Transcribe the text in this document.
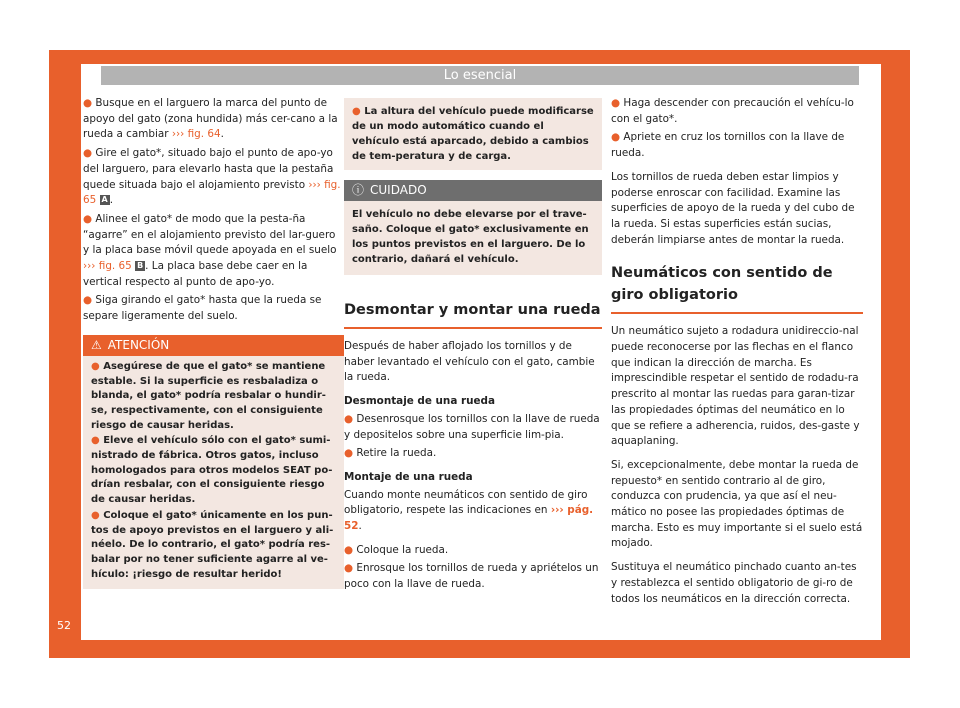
Lo esencial
52

● Busque en el larguero la marca del punto de apoyo del gato (zona hundida) más cer-cano a la rueda a cambiar ››› fig. 64.

● Gire el gato*, situado bajo el punto de apo-yo del larguero, para elevarlo hasta que la pestaña quede situada bajo el alojamiento previsto ››› fig. 65 A .

● Alinee el gato* de modo que la pesta-ña “agarre” en el alojamiento previsto del lar-guero y la placa base móvil quede apoyada en el suelo ››› fig. 65 B . La placa base debe caer en la vertical respecto al punto de apo-yo.

● Siga girando el gato* hasta que la rueda se separe ligeramente del suelo.

⚠ ATENCIÓN

● Asegúrese de que el gato* se mantiene estable. Si la superficie es resbaladiza o blanda, el gato* podría resbalar o hundir-se, respectivamente, con el consiguiente riesgo de causar heridas.

● Eleve el vehículo sólo con el gato* sumi-nistrado de fábrica. Otros gatos, incluso homologados para otros modelos SEAT po-drían resbalar, con el consiguiente riesgo de causar heridas.

● Coloque el gato* únicamente en los pun-tos de apoyo previstos en el larguero y ali-néelo. De lo contrario, el gato* podría res-balar por no tener suficiente agarre al ve-hículo: ¡riesgo de resultar herido!

● La altura del vehículo puede modificarse de un modo automático cuando el vehículo está aparcado, debido a cambios de tem-peratura y de carga.
ⓘ CUIDADO
El vehículo no debe elevarse por el trave-saño. Coloque el gato* exclusivamente en los puntos previstos en el larguero. De lo contrario, dañará el vehículo.
Desmontar y montar una rueda

Después de haber aflojado los tornillos y de haber levantado el vehículo con el gato, cambie la rueda.

Desmontaje de una rueda

● Desenrosque los tornillos con la llave de rueda y depositelos sobre una superficie lim-pia.

● Retire la rueda.

Montaje de una rueda

Cuando monte neumáticos con sentido de giro obligatorio, respete las indicaciones en ››› pág. 52.

● Coloque la rueda.

● Enrosque los tornillos de rueda y apriételos un poco con la llave de rueda.

● Haga descender con precaución el vehícu-lo con el gato*.

● Apriete en cruz los tornillos con la llave de rueda.

Los tornillos de rueda deben estar limpios y poderse enroscar con facilidad. Examine las superficies de apoyo de la rueda y del cubo de la rueda. Si estas superficies están sucias, deberán limpiarse antes de montar la rueda.

Neumáticos con sentido de giro obligatorio

Un neumático sujeto a rodadura unidireccio-nal puede reconocerse por las flechas en el flanco que indican la dirección de marcha. Es imprescindible respetar el sentido de rodadu-ra prescrito al montar las ruedas para garan-tizar las propiedades óptimas del neumático en lo que se refiere a adherencia, ruidos, des-gaste y aquaplaning.

Si, excepcionalmente, debe montar la rueda de repuesto* en sentido contrario al de giro, conduzca con prudencia, ya que así el neu-mático no posee las propiedades óptimas de marcha. Esto es muy importante si el suelo está mojado.

Sustituya el neumático pinchado cuanto an-tes y restablezca el sentido obligatorio de gi-ro de todos los neumáticos en la dirección correcta.
